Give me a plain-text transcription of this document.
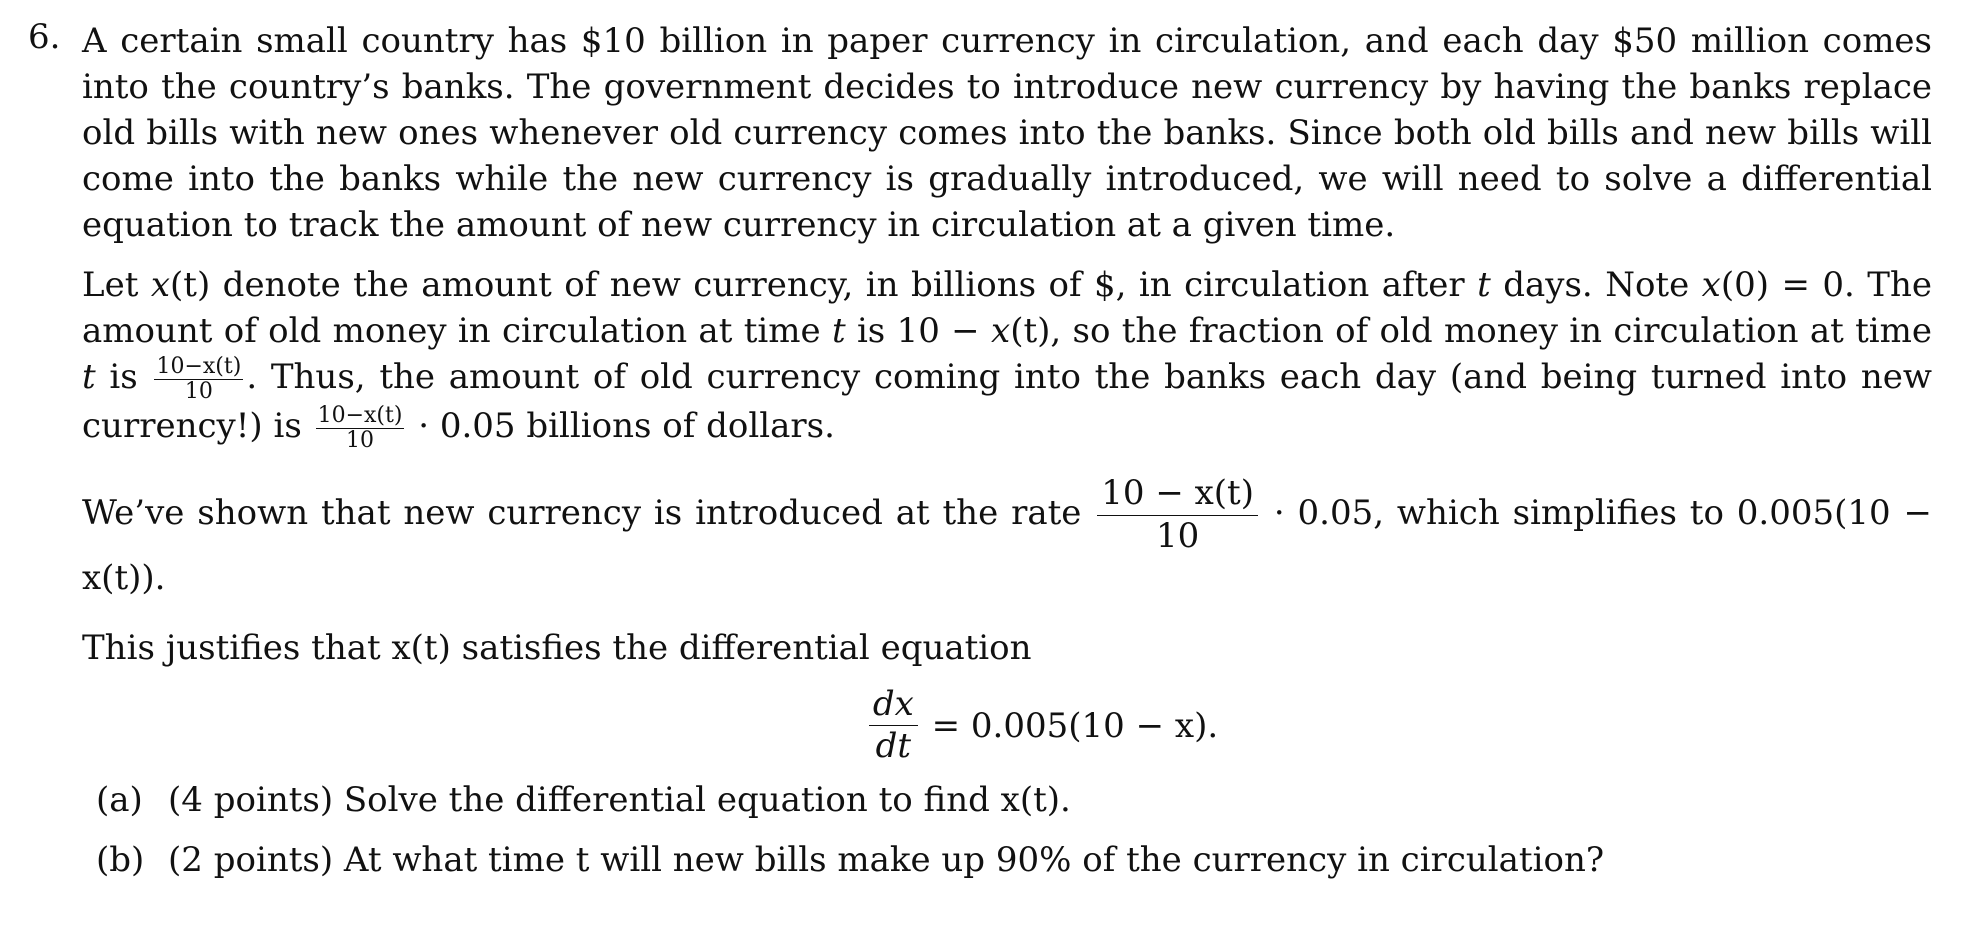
6. A certain small country has $10 billion in paper currency in circulation, and each day $50 million comes into the country’s banks. The government decides to introduce new currency by having the banks replace old bills with new ones whenever old currency comes into the banks. Since both old bills and new bills will come into the banks while the new currency is gradually introduced, we will need to solve a differential equation to track the amount of new currency in circulation at a given time.

Let x(t) denote the amount of new currency, in billions of $, in circulation after t days. Note x(0) = 0. The amount of old money in circulation at time t is 10 − x(t), so the fraction of old money in circulation at time t is $\frac{10-x(t)}{10}$ . Thus, the amount of old currency coming into the banks each day (and being turned into new currency!) is $\frac{10-x(t)}{10} \cdot 0.05$ billions of dollars.

We’ve shown that new currency is introduced at the rate $\frac{10 - x(t)}{10} \cdot 0.05$, which simplifies to 0.005(10 − x(t)).

This justifies that x(t) satisfies the differential equation

$\frac{dx}{dt} = 0.005(10 - x)$.
(a) (4 points) Solve the differential equation to find x(t).
(b) (2 points) At what time t will new bills make up 90% of the currency in circulation?
